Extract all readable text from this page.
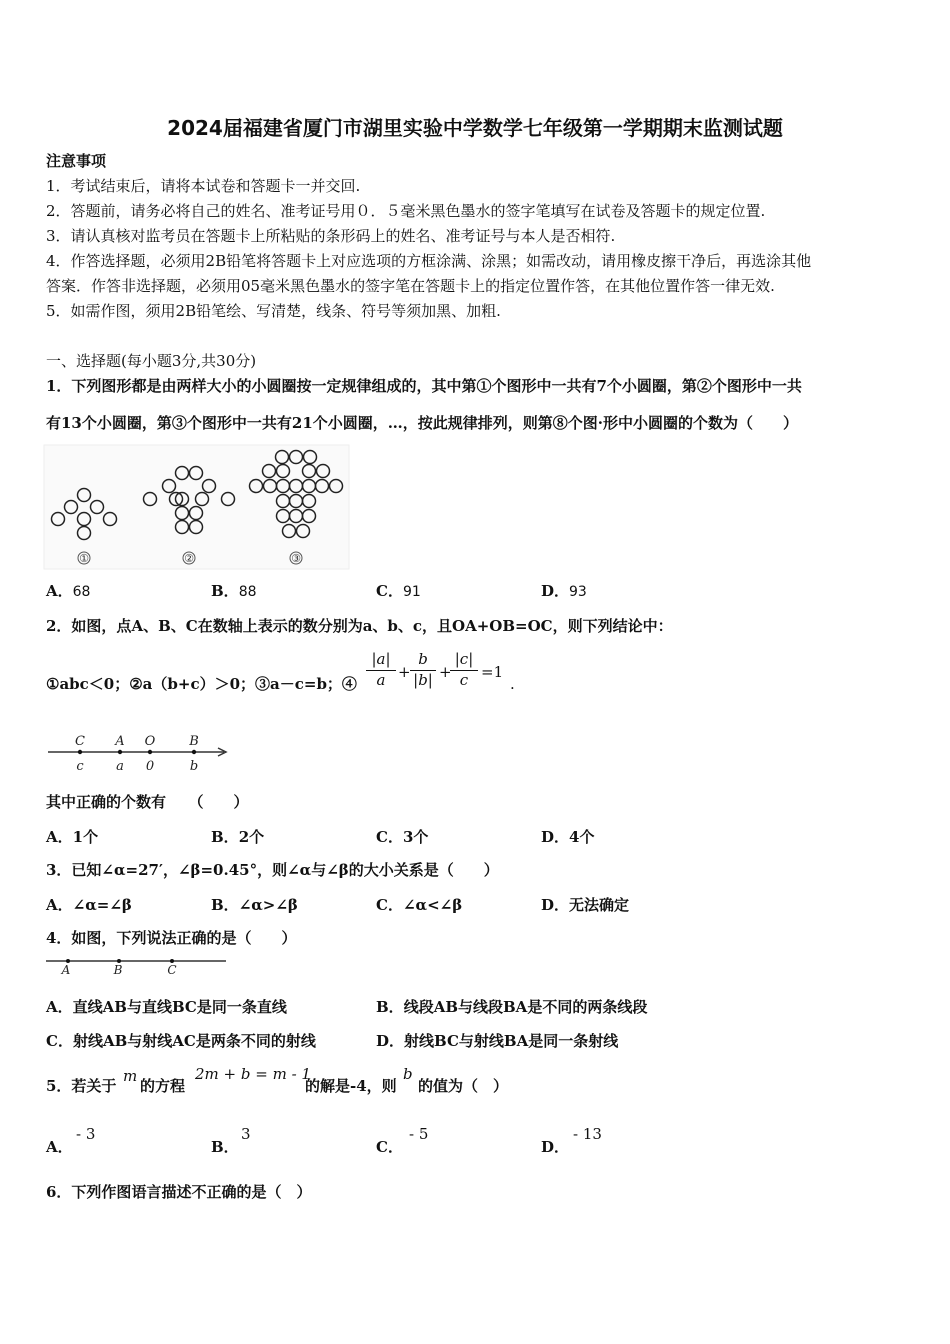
2024届福建省厦门市湖里实验中学数学七年级第一学期期末监测试题
注意事项
1．考试结束后，请将本试卷和答题卡一并交回.
2．答题前，请务必将自己的姓名、准考证号用０．５毫米黑色墨水的签字笔填写在试卷及答题卡的规定位置.
3．请认真核对监考员在答题卡上所粘贴的条形码上的姓名、准考证号与本人是否相符.
4．作答选择题，必须用2B铅笔将答题卡上对应选项的方框涂满、涂黑；如需改动，请用橡皮擦干净后，再选涂其他
答案．作答非选择题，必须用05毫米黑色墨水的签字笔在答题卡上的指定位置作答，在其他位置作答一律无效.
5．如需作图，须用2B铅笔绘、写清楚，线条、符号等须加黑、加粗.
一、选择题(每小题3分,共30分)
1．下列图形都是由两样大小的小圆圈按一定规律组成的，其中第①个图形中一共有7个小圆圈，第②个图形中一共
有13个小圆圈，第③个图形中一共有21个小圆圈，…，按此规律排列，则第⑧个图·形中小圆圈的个数为（　　）
①	②	③
A．68	B．88	C．91	D．93
2．如图，点A、B、C在数轴上表示的数分别为a、b、c，且OA+OB=OC，则下列结论中：
①abc＜0；②a（b+c）＞0；③a－c=b；④ $\frac{|a|}{a} + \frac{b}{|b|}$ +
$\frac{|c|}{c} =1$
.
C A O	B
c a 0	b
其中正确的个数有　　（　　）
A．1个	B．2个	C．3个	D．4个
3．已知∠α=27′，∠β=0.45°，则∠α与∠β的大小关系是（　　）
A．∠α=∠β	B．∠α>∠β	C．∠α<∠β	D．无法确定
4．如图，下列说法正确的是（　　）
A	B	C
A．直线AB与直线BC是同一条直线	B．线段AB与线段BA是不同的两条线段
C．射线AB与射线AC是两条不同的射线	D．射线BC与射线BA是同一条射线
5．若关于
m
的方程
2m + b = m - 1
的解是-4，则
b
的值为（　）
A．
- 3
B．
3
C．
- 5
D．
- 13
6．下列作图语言描述不正确的是（　）
